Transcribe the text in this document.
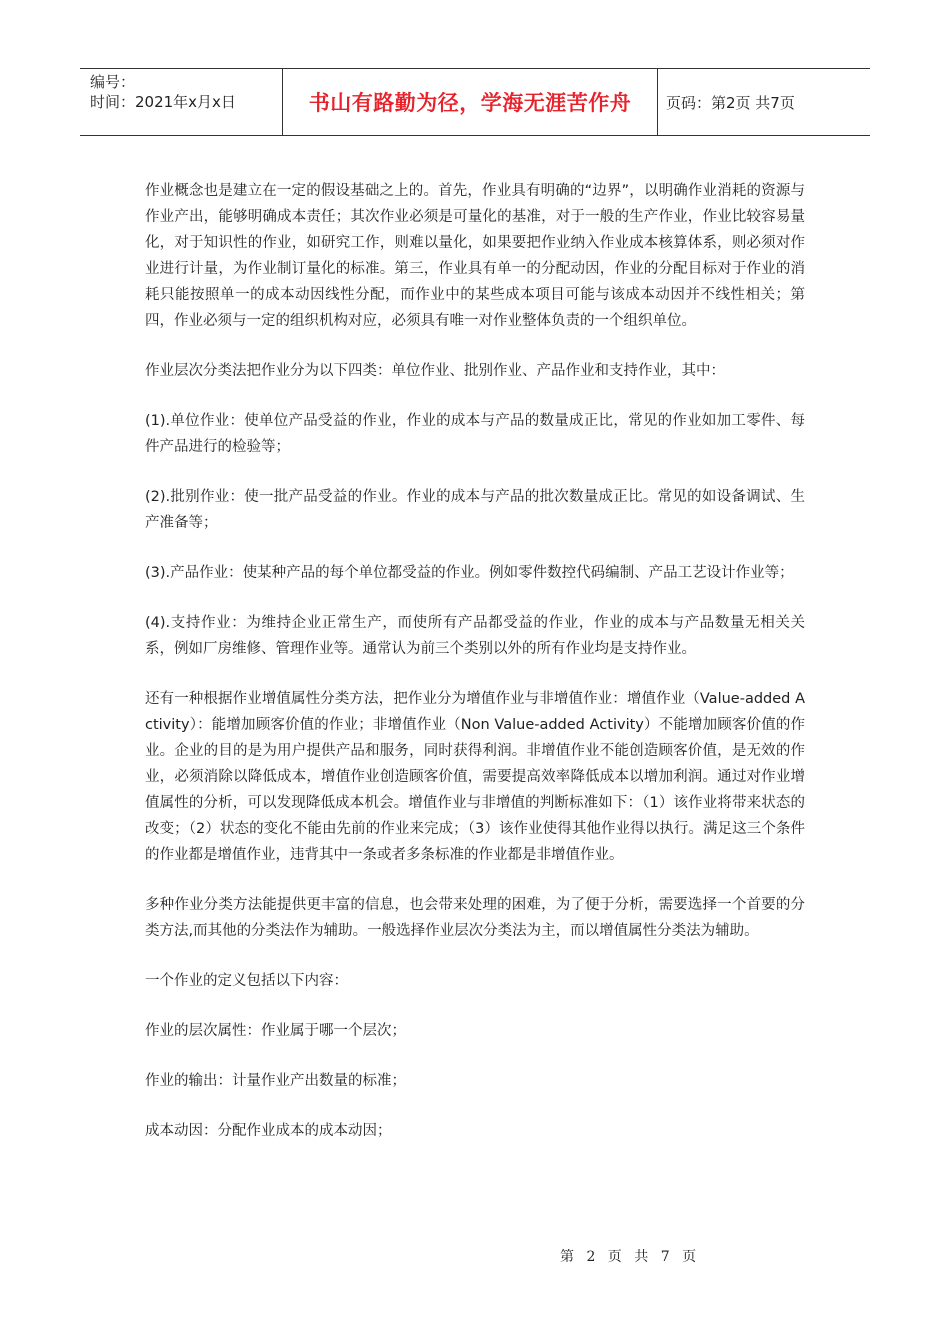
编号：
时间：2021年x月x日	书山有路勤为径，学海无涯苦作舟	页码：第2页 共7页

作业概念也是建立在一定的假设基础之上的。首先，作业具有明确的“边界”，以明确作业消耗的资源与作业产出，能够明确成本责任；其次作业必须是可量化的基准，对于一般的生产作业，作业比较容易量化，对于知识性的作业，如研究工作，则难以量化，如果要把作业纳入作业成本核算体系，则必须对作业进行计量，为作业制订量化的标准。第三，作业具有单一的分配动因，作业的分配目标对于作业的消耗只能按照单一的成本动因线性分配，而作业中的某些成本项目可能与该成本动因并不线性相关；第四，作业必须与一定的组织机构对应，必须具有唯一对作业整体负责的一个组织单位。

作业层次分类法把作业分为以下四类：单位作业、批别作业、产品作业和支持作业，其中：

(1).单位作业：使单位产品受益的作业，作业的成本与产品的数量成正比，常见的作业如加工零件、每件产品进行的检验等；

(2).批别作业：使一批产品受益的作业。作业的成本与产品的批次数量成正比。常见的如设备调试、生产准备等；

(3).产品作业：使某种产品的每个单位都受益的作业。例如零件数控代码编制、产品工艺设计作业等；

(4).支持作业：为维持企业正常生产，而使所有产品都受益的作业，作业的成本与产品数量无相关关系，例如厂房维修、管理作业等。通常认为前三个类别以外的所有作业均是支持作业。

还有一种根据作业增值属性分类方法，把作业分为增值作业与非增值作业：增值作业（Value-added Activity）：能增加顾客价值的作业；非增值作业（Non Value-added Activity）不能增加顾客价值的作业。企业的目的是为用户提供产品和服务，同时获得利润。非增值作业不能创造顾客价值，是无效的作业，必须消除以降低成本，增值作业创造顾客价值，需要提高效率降低成本以增加利润。通过对作业增值属性的分析，可以发现降低成本机会。增值作业与非增值的判断标准如下：（1）该作业将带来状态的改变；（2）状态的变化不能由先前的作业来完成；（3）该作业使得其他作业得以执行。满足这三个条件的作业都是增值作业，违背其中一条或者多条标准的作业都是非增值作业。

多种作业分类方法能提供更丰富的信息，也会带来处理的困难，为了便于分析，需要选择一个首要的分类方法,而其他的分类法作为辅助。一般选择作业层次分类法为主，而以增值属性分类法为辅助。

一个作业的定义包括以下内容：

作业的层次属性：作业属于哪一个层次；

作业的输出：计量作业产出数量的标准；

成本动因：分配作业成本的成本动因；

第 2 页 共 7 页
